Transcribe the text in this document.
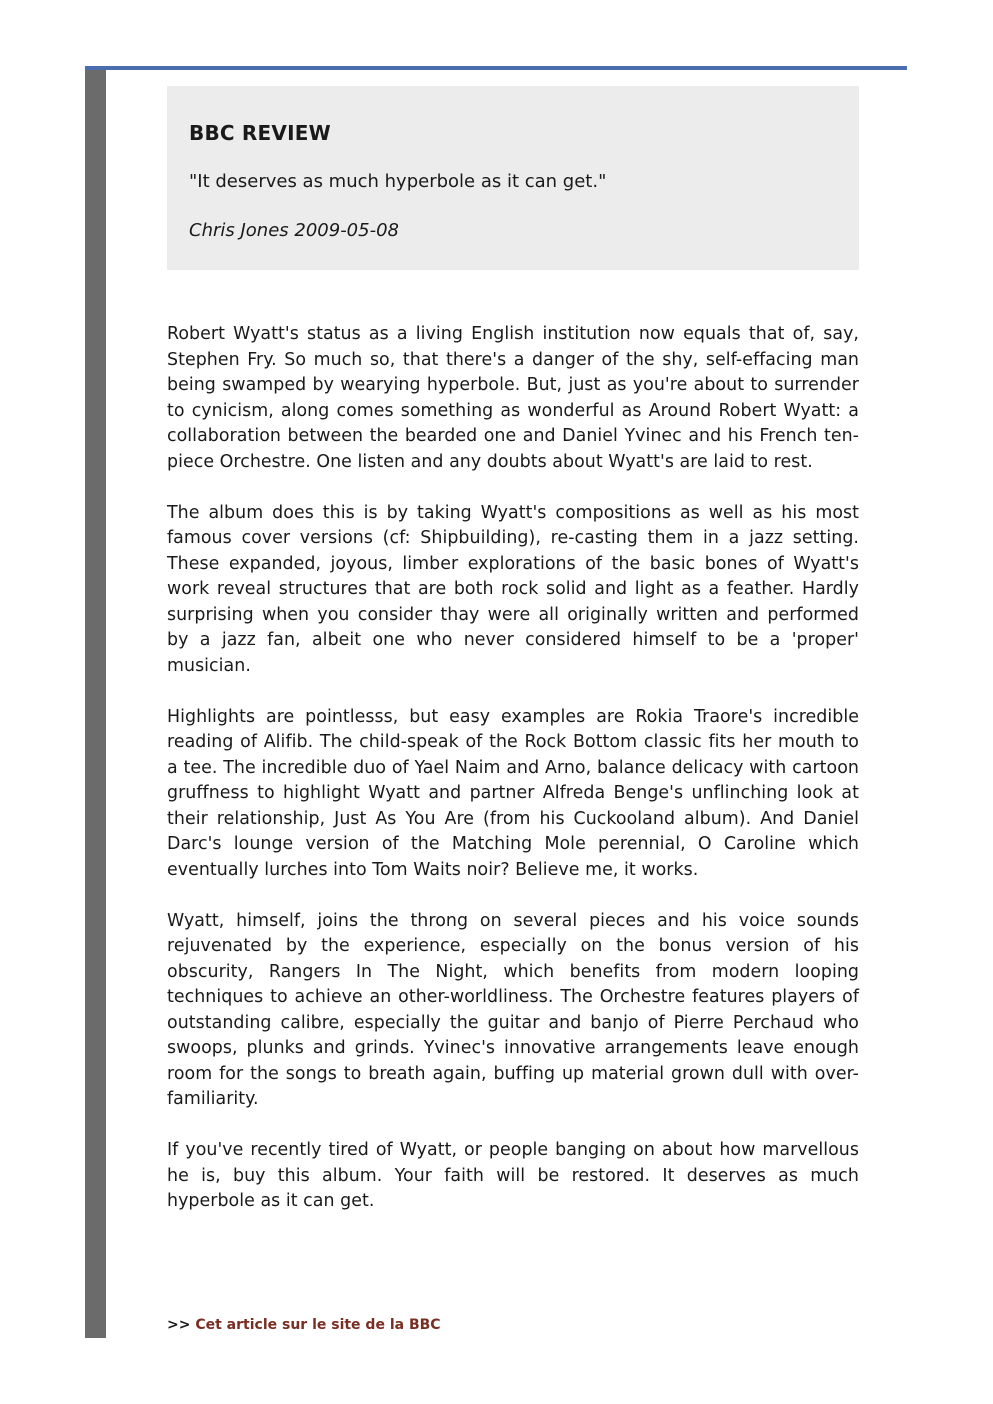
BBC REVIEW

"It deserves as much hyperbole as it can get."

Chris Jones 2009-05-08

Robert Wyatt's status as a living English institution now equals that of, say, Stephen Fry. So much so, that there's a danger of the shy, self-effacing man being swamped by wearying hyperbole. But, just as you're about to surrender to cynicism, along comes something as wonderful as Around Robert Wyatt: a collaboration between the bearded one and Daniel Yvinec and his French ten-piece Orchestre. One listen and any doubts about Wyatt's are laid to rest.

The album does this is by taking Wyatt's compositions as well as his most famous cover versions (cf: Shipbuilding), re-casting them in a jazz setting. These expanded, joyous, limber explorations of the basic bones of Wyatt's work reveal structures that are both rock solid and light as a feather. Hardly surprising when you consider thay were all originally written and performed by a jazz fan, albeit one who never considered himself to be a 'proper' musician.

Highlights are pointlesss, but easy examples are Rokia Traore's incredible reading of Alifib. The child-speak of the Rock Bottom classic fits her mouth to a tee. The incredible duo of Yael Naim and Arno, balance delicacy with cartoon gruffness to highlight Wyatt and partner Alfreda Benge's unflinching look at their relationship, Just As You Are (from his Cuckooland album). And Daniel Darc's lounge version of the Matching Mole perennial, O Caroline which eventually lurches into Tom Waits noir? Believe me, it works.

Wyatt, himself, joins the throng on several pieces and his voice sounds rejuvenated by the experience, especially on the bonus version of his obscurity, Rangers In The Night, which benefits from modern looping techniques to achieve an other-worldliness. The Orchestre features players of outstanding calibre, especially the guitar and banjo of Pierre Perchaud who swoops, plunks and grinds. Yvinec's innovative arrangements leave enough room for the songs to breath again, buffing up material grown dull with over-familiarity.

If you've recently tired of Wyatt, or people banging on about how marvellous he is, buy this album. Your faith will be restored. It deserves as much hyperbole as it can get.

>> Cet article sur le site de la BBC
